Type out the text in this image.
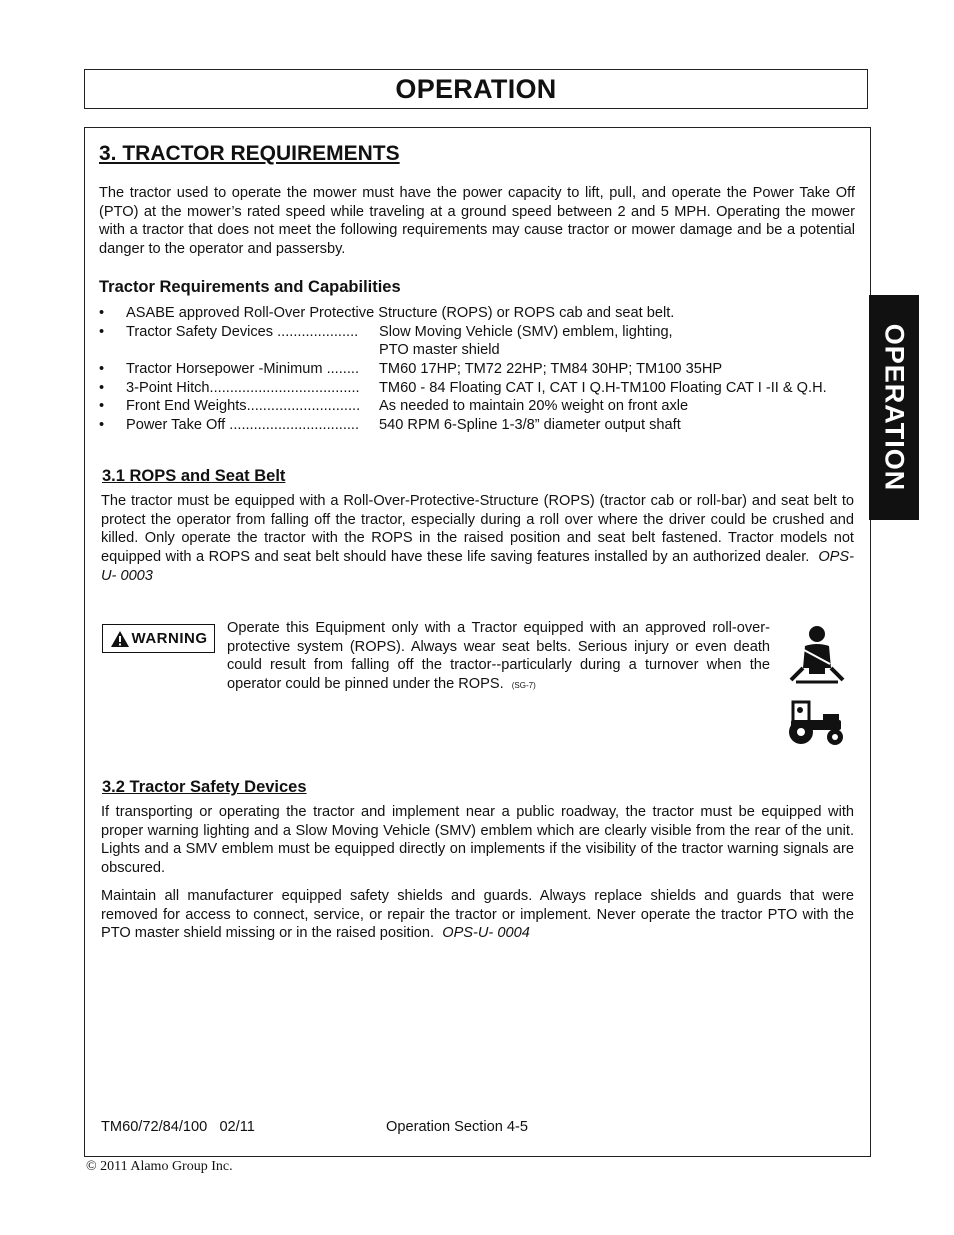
OPERATION
OPERATION
3. TRACTOR REQUIREMENTS
The tractor used to operate the mower must have the power capacity to lift, pull, and operate the Power Take Off (PTO) at the mower’s rated speed while traveling at a ground speed between 2 and 5 MPH. Operating the mower with a tractor that does not meet the following requirements may cause tractor or mower damage and be a potential danger to the operator and passersby.
Tractor Requirements and Capabilities
• ASABE approved Roll-Over Protective Structure (ROPS) or ROPS cab and seat belt.
• Tractor Safety Devices .................... Slow Moving Vehicle (SMV) emblem, lighting,
PTO master shield
• Tractor Horsepower -Minimum ........ TM60 17HP; TM72 22HP; TM84 30HP; TM100 35HP
• 3-Point Hitch..................................... TM60 - 84 Floating CAT I, CAT I Q.H-TM100 Floating CAT I -II & Q.H.
• Front End Weights............................ As needed to maintain 20% weight on front axle
• Power Take Off ................................ 540 RPM 6-Spline 1-3/8” diameter output shaft
3.1 ROPS and Seat Belt
The tractor must be equipped with a Roll-Over-Protective-Structure (ROPS) (tractor cab or roll-bar) and seat belt to protect the operator from falling off the tractor, especially during a roll over where the driver could be crushed and killed. Only operate the tractor with the ROPS in the raised position and seat belt fastened. Tractor models not equipped with a ROPS and seat belt should have these life saving features installed by an authorized dealer. OPS-U- 0003
WARNING
Operate this Equipment only with a Tractor equipped with an approved roll-over-protective system (ROPS). Always wear seat belts. Serious injury or even death could result from falling off the tractor--particularly during a turnover when the operator could be pinned under the ROPS. (SG-7)
3.2 Tractor Safety Devices
If transporting or operating the tractor and implement near a public roadway, the tractor must be equipped with proper warning lighting and a Slow Moving Vehicle (SMV) emblem which are clearly visible from the rear of the unit. Lights and a SMV emblem must be equipped directly on implements if the visibility of the tractor warning signals are obscured.
Maintain all manufacturer equipped safety shields and guards. Always replace shields and guards that were removed for access to connect, service, or repair the tractor or implement. Never operate the tractor PTO with the PTO master shield missing or in the raised position. OPS-U- 0004
TM60/72/84/100   02/11	Operation Section 4-5
© 2011 Alamo Group Inc.
